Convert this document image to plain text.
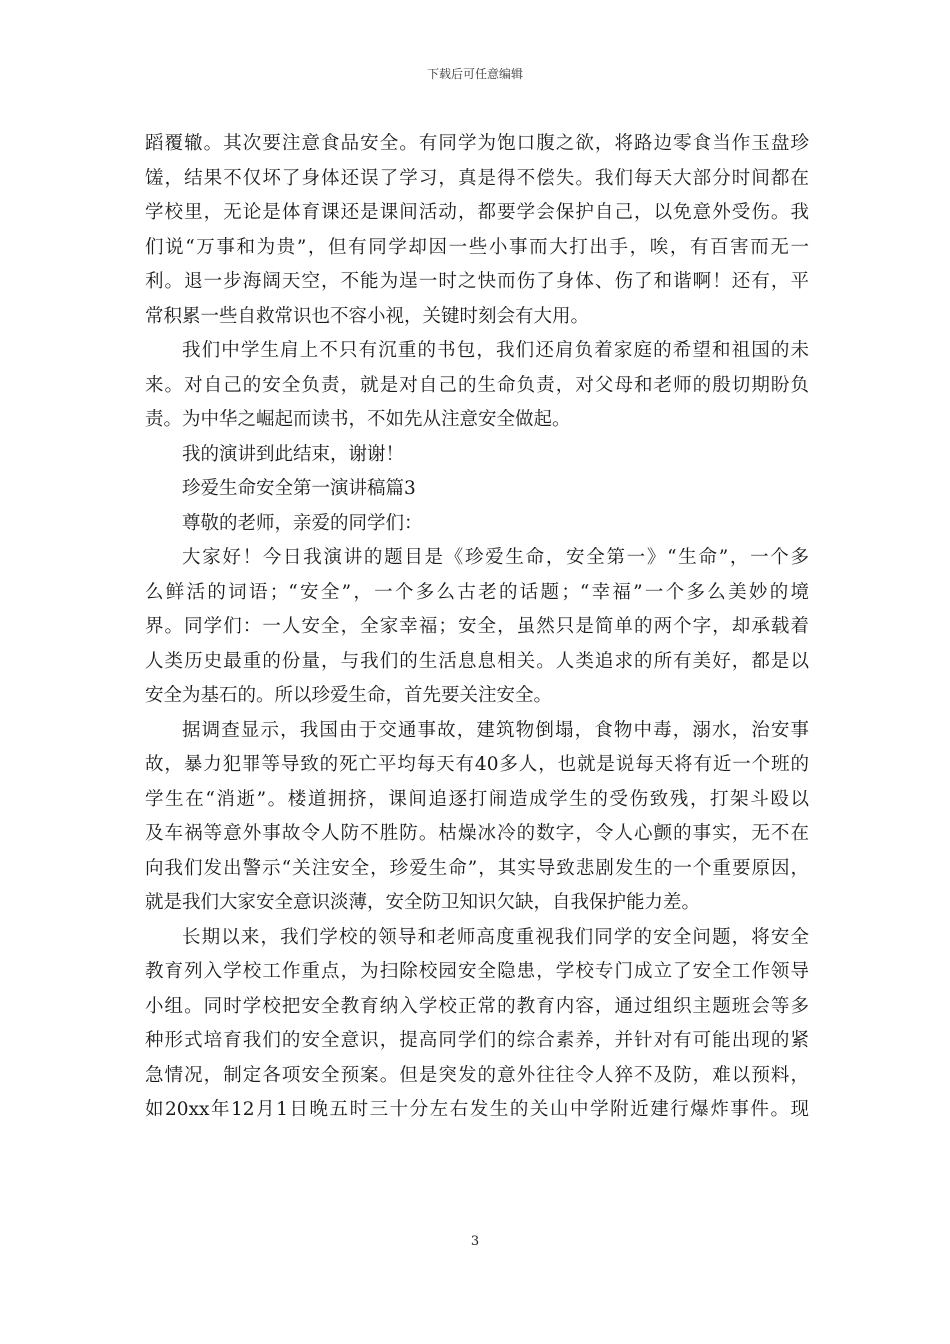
下载后可任意编辑
蹈覆辙。其次要注意食品安全。有同学为饱口腹之欲，将路边零食当作玉盘珍
馐，结果不仅坏了身体还误了学习，真是得不偿失。我们每天大部分时间都在
学校里，无论是体育课还是课间活动，都要学会保护自己，以免意外受伤。我
们说“万事和为贵”，但有同学却因一些小事而大打出手，唉，有百害而无一
利。退一步海阔天空，不能为逞一时之快而伤了身体、伤了和谐啊！还有，平
常积累一些自救常识也不容小视，关键时刻会有大用。
我们中学生肩上不只有沉重的书包，我们还肩负着家庭的希望和祖国的未
来。对自己的安全负责，就是对自己的生命负责，对父母和老师的殷切期盼负
责。为中华之崛起而读书，不如先从注意安全做起。
我的演讲到此结束，谢谢！
珍爱生命安全第一演讲稿篇3
尊敬的老师，亲爱的同学们：
大家好！今日我演讲的题目是《珍爱生命，安全第一》“生命”，一个多
么鲜活的词语；“安全”，一个多么古老的话题；“幸福”一个多么美妙的境
界。同学们：一人安全，全家幸福；安全，虽然只是简单的两个字，却承载着
人类历史最重的份量，与我们的生活息息相关。人类追求的所有美好，都是以
安全为基石的。所以珍爱生命，首先要关注安全。
据调查显示，我国由于交通事故，建筑物倒塌，食物中毒，溺水，治安事
故，暴力犯罪等导致的死亡平均每天有40多人，也就是说每天将有近一个班的
学生在“消逝”。楼道拥挤，课间追逐打闹造成学生的受伤致残，打架斗殴以
及车祸等意外事故令人防不胜防。枯燥冰冷的数字，令人心颤的事实，无不在
向我们发出警示“关注安全，珍爱生命”，其实导致悲剧发生的一个重要原因，
就是我们大家安全意识淡薄，安全防卫知识欠缺，自我保护能力差。
长期以来，我们学校的领导和老师高度重视我们同学的安全问题，将安全
教育列入学校工作重点，为扫除校园安全隐患，学校专门成立了安全工作领导
小组。同时学校把安全教育纳入学校正常的教育内容，通过组织主题班会等多
种形式培育我们的安全意识，提高同学们的综合素养，并针对有可能出现的紧
急情况，制定各项安全预案。但是突发的意外往往令人猝不及防，难以预料，
如20xx年12月1日晚五时三十分左右发生的关山中学附近建行爆炸事件。现
3
